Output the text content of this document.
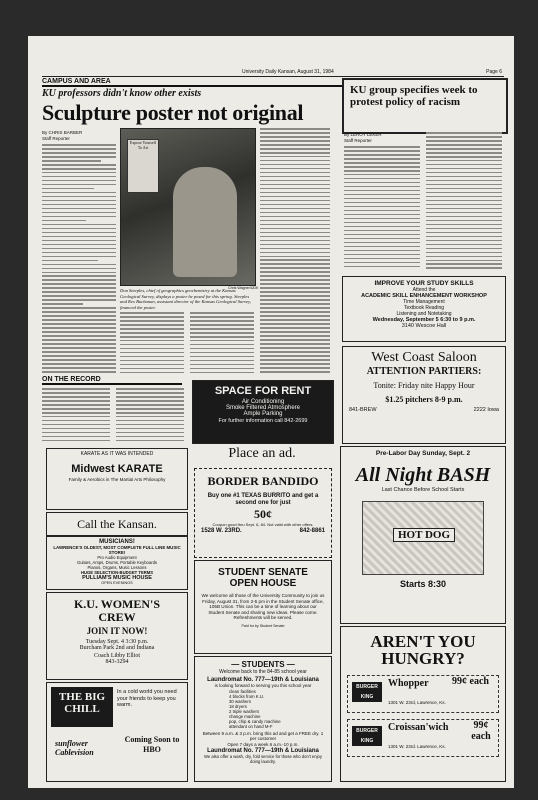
University Daily Kansan, August 31, 1984	Page 6
CAMPUS AND AREA
KU professors didn't know other exists
Sculpture poster not original
By CHRIS BARBER
Staff Reporter
Expose Yourself To Art
Chris Wagner/UDK
Don Steeples, chief of geographics geochemistry at the Kansas Geological Survey, displays a poster he posed for this spring. Steeples and Rex Buchanan, assistant director of the Kansas Geological Survey, financed the poster.
ON THE RECORD
SPACE FOR RENT
Air Conditioning
Smoke Filtered Atmosphere
Ample Parking
For further information call 842-2699
KU group specifies week to protest policy of racism
By LEROY LEKER
Staff Reporter
IMPROVE YOUR STUDY SKILLS
Attend the
ACADEMIC SKILL ENHANCEMENT WORKSHOP
Time Management
Textbook Reading
Listening and Notetaking
Wednesday, September 5 6:30 to 9 p.m.
3140 Wescoe Hall
West Coast Saloon
ATTENTION PARTIERS:
Tonite: Friday nite Happy Hour
$1.25 pitchers 8-9 p.m.
841-BREW	2222 Iowa
KARATE AS IT WAS INTENDED
Midwest KARATE
Family & Aerobics in The Martial Arts Philosophy
Call the Kansan.
MUSICIANS!
LAWRENCE'S OLDEST, MOST COMPLETE FULL LINE MUSIC STORE!
Pro Audio Equipment
Guitars, Amps, Drums, Portable Keyboards
Pianos, Organs, Music Lessons
HUGE SELECTION-BUDGET TERMS
PULLIAM'S MUSIC HOUSE
OPEN EVENINGS
K.U. WOMEN'S CREW
JOIN IT NOW!
Tuesday Sept. 4 3:30 p.m.
Burcham Park 2nd and Indiana
Coach Libby Elliot
843-3294
THE BIG CHILL
In a cold world you need your friends to keep you warm.
sunflower Cablevision
Coming Soon to HBO
Place an ad.
BORDER BANDIDO
Buy one #1 TEXAS BURRITO and get a second one for just
50¢
Coupon good thru Sept. 6, 84. Not valid with other offers.
1528 W. 23RD.	842-8861
STUDENT SENATE OPEN HOUSE
We welcome all those of the University Community to join us Friday, August 31, from 2-5 pm in the Student Senate office, 105B Union. This can be a time of learning about our Student Senate and sharing new ideas. Please come. Refreshments will be served.
Paid for by Student Senate
— STUDENTS —
Welcome back to the 84-85 school year
Laundromat No. 777—19th & Louisiana
is looking forward to serving you this school year
clean facilities
4 blocks from K.U.
30 washers
18 dryers
2 triple washers
change machine
pop, chip & candy machine
attendant on hand M-F
Between 9 a.m. & 3 p.m. bring this ad and get a FREE dry. 1 per customer
Open 7 days a week 6 a.m.-10 p.m.
Laundromat No. 777—19th & Louisiana
We also offer a wash, dry, fold service for those who don't enjoy doing laundry.
Pre-Labor Day Sunday, Sept. 2
All Night BASH
Last Chance Before School Starts
HOT DOG
Starts 8:30
AREN'T YOU HUNGRY?
BURGER KING
Whopper 99¢ each
1301 W. 23rd, Lawrence, Ks.
BURGER KING
Croissan'wich	99¢ each
1301 W. 23rd. Lawrence, Ks.
